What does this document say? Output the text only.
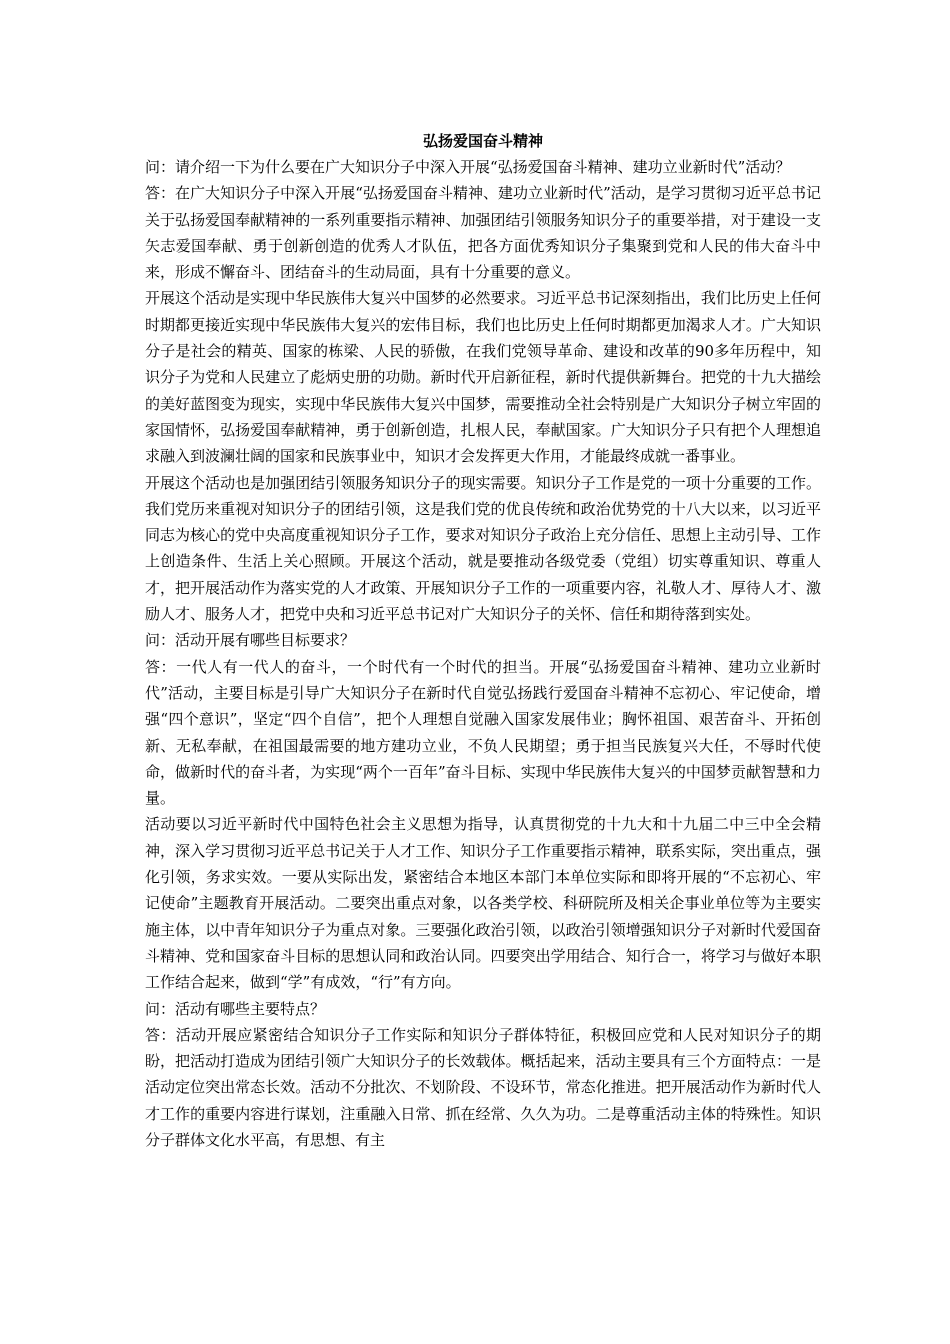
弘扬爱国奋斗精神

问：请介绍一下为什么要在广大知识分子中深入开展“弘扬爱国奋斗精神、建功立业新时代”活动？

答：在广大知识分子中深入开展“弘扬爱国奋斗精神、建功立业新时代”活动，是学习贯彻习近平总书记关于弘扬爱国奉献精神的一系列重要指示精神、加强团结引领服务知识分子的重要举措，对于建设一支矢志爱国奉献、勇于创新创造的优秀人才队伍，把各方面优秀知识分子集聚到党和人民的伟大奋斗中来，形成不懈奋斗、团结奋斗的生动局面，具有十分重要的意义。

开展这个活动是实现中华民族伟大复兴中国梦的必然要求。习近平总书记深刻指出，我们比历史上任何时期都更接近实现中华民族伟大复兴的宏伟目标，我们也比历史上任何时期都更加渴求人才。广大知识分子是社会的精英、国家的栋梁、人民的骄傲，在我们党领导革命、建设和改革的90多年历程中，知识分子为党和人民建立了彪炳史册的功勋。新时代开启新征程，新时代提供新舞台。把党的十九大描绘的美好蓝图变为现实，实现中华民族伟大复兴中国梦，需要推动全社会特别是广大知识分子树立牢固的家国情怀，弘扬爱国奉献精神，勇于创新创造，扎根人民，奉献国家。广大知识分子只有把个人理想追求融入到波澜壮阔的国家和民族事业中，知识才会发挥更大作用，才能最终成就一番事业。

开展这个活动也是加强团结引领服务知识分子的现实需要。知识分子工作是党的一项十分重要的工作。我们党历来重视对知识分子的团结引领，这是我们党的优良传统和政治优势党的十八大以来，以习近平同志为核心的党中央高度重视知识分子工作，要求对知识分子政治上充分信任、思想上主动引导、工作上创造条件、生活上关心照顾。开展这个活动，就是要推动各级党委（党组）切实尊重知识、尊重人才，把开展活动作为落实党的人才政策、开展知识分子工作的一项重要内容，礼敬人才、厚待人才、激励人才、服务人才，把党中央和习近平总书记对广大知识分子的关怀、信任和期待落到实处。

问：活动开展有哪些目标要求？

答：一代人有一代人的奋斗，一个时代有一个时代的担当。开展“弘扬爱国奋斗精神、建功立业新时代”活动，主要目标是引导广大知识分子在新时代自觉弘扬践行爱国奋斗精神不忘初心、牢记使命，增强“四个意识”，坚定“四个自信”，把个人理想自觉融入国家发展伟业；胸怀祖国、艰苦奋斗、开拓创新、无私奉献，在祖国最需要的地方建功立业，不负人民期望；勇于担当民族复兴大任，不辱时代使命，做新时代的奋斗者，为实现“两个一百年”奋斗目标、实现中华民族伟大复兴的中国梦贡献智慧和力量。

活动要以习近平新时代中国特色社会主义思想为指导，认真贯彻党的十九大和十九届二中三中全会精神，深入学习贯彻习近平总书记关于人才工作、知识分子工作重要指示精神，联系实际，突出重点，强化引领，务求实效。一要从实际出发，紧密结合本地区本部门本单位实际和即将开展的“不忘初心、牢记使命”主题教育开展活动。二要突出重点对象，以各类学校、科研院所及相关企事业单位等为主要实施主体，以中青年知识分子为重点对象。三要强化政治引领，以政治引领增强知识分子对新时代爱国奋斗精神、党和国家奋斗目标的思想认同和政治认同。四要突出学用结合、知行合一，将学习与做好本职工作结合起来，做到“学”有成效，“行”有方向。

问：活动有哪些主要特点？

答：活动开展应紧密结合知识分子工作实际和知识分子群体特征，积极回应党和人民对知识分子的期盼，把活动打造成为团结引领广大知识分子的长效载体。概括起来，活动主要具有三个方面特点：一是活动定位突出常态长效。活动不分批次、不划阶段、不设环节，常态化推进。把开展活动作为新时代人才工作的重要内容进行谋划，注重融入日常、抓在经常、久久为功。二是尊重活动主体的特殊性。知识分子群体文化水平高，有思想、有主
